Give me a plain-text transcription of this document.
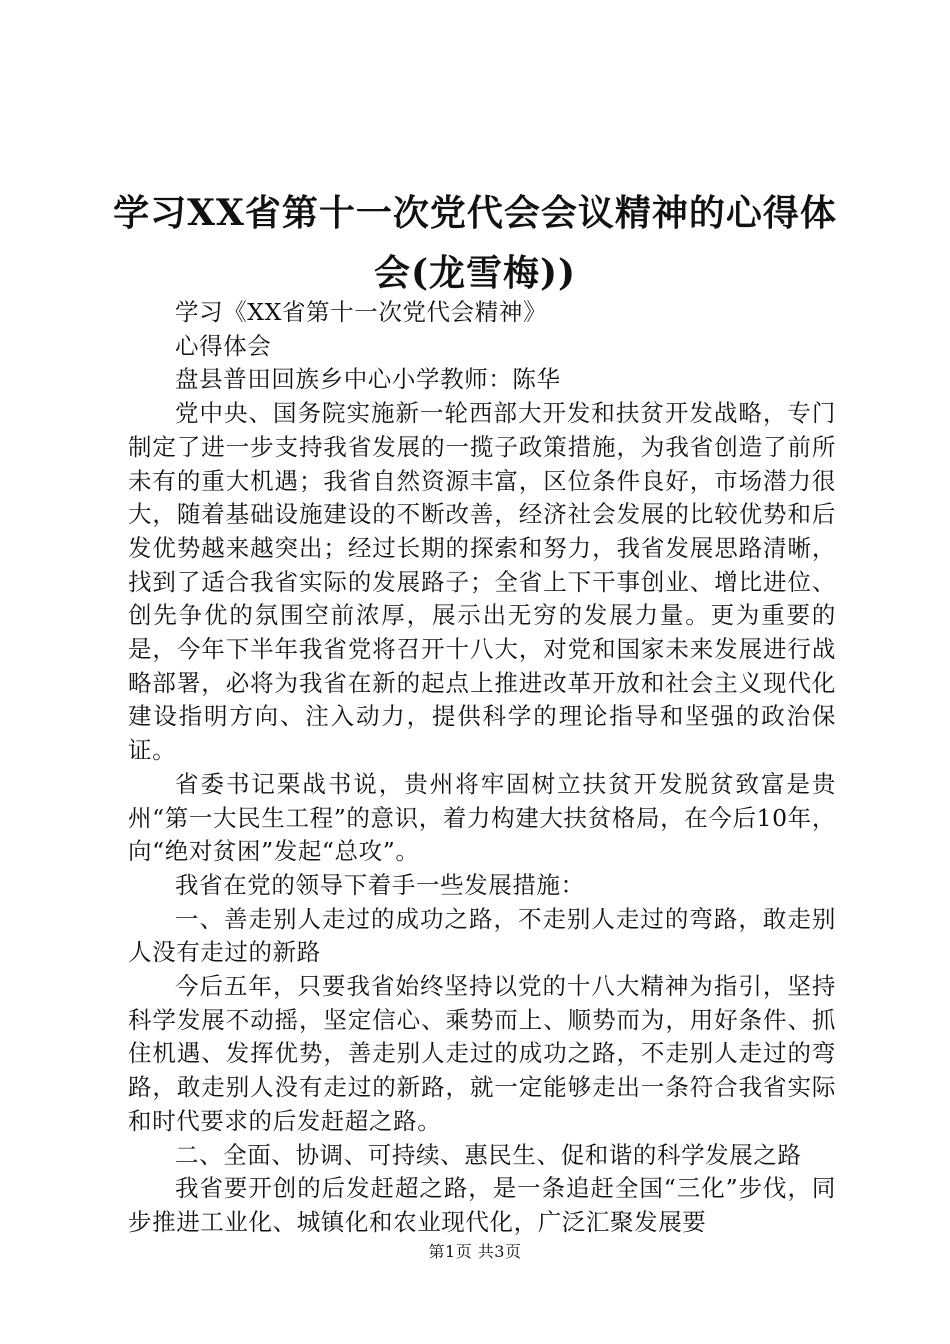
学习XX省第十一次党代会会议精神的心得体
会(龙雪梅))

学习《XX省第十一次党代会精神》

心得体会

盘县普田回族乡中心小学教师：陈华

党中央、国务院实施新一轮西部大开发和扶贫开发战略，专门制定了进一步支持我省发展的一揽子政策措施，为我省创造了前所未有的重大机遇；我省自然资源丰富，区位条件良好，市场潜力很大，随着基础设施建设的不断改善，经济社会发展的比较优势和后发优势越来越突出；经过长期的探索和努力，我省发展思路清晰，找到了适合我省实际的发展路子；全省上下干事创业、增比进位、创先争优的氛围空前浓厚，展示出无穷的发展力量。更为重要的是，今年下半年我省党将召开十八大，对党和国家未来发展进行战略部署，必将为我省在新的起点上推进改革开放和社会主义现代化建设指明方向、注入动力，提供科学的理论指导和坚强的政治保证。

省委书记栗战书说，贵州将牢固树立扶贫开发脱贫致富是贵州“第一大民生工程”的意识，着力构建大扶贫格局，在今后10年，向“绝对贫困”发起“总攻”。

我省在党的领导下着手一些发展措施：

一、善走别人走过的成功之路，不走别人走过的弯路，敢走别人没有走过的新路

今后五年，只要我省始终坚持以党的十八大精神为指引，坚持科学发展不动摇，坚定信心、乘势而上、顺势而为，用好条件、抓住机遇、发挥优势，善走别人走过的成功之路，不走别人走过的弯路，敢走别人没有走过的新路，就一定能够走出一条符合我省实际和时代要求的后发赶超之路。

二、全面、协调、可持续、惠民生、促和谐的科学发展之路

我省要开创的后发赶超之路，是一条追赶全国“三化”步伐，同步推进工业化、城镇化和农业现代化，广泛汇聚发展要

第1页 共3页
